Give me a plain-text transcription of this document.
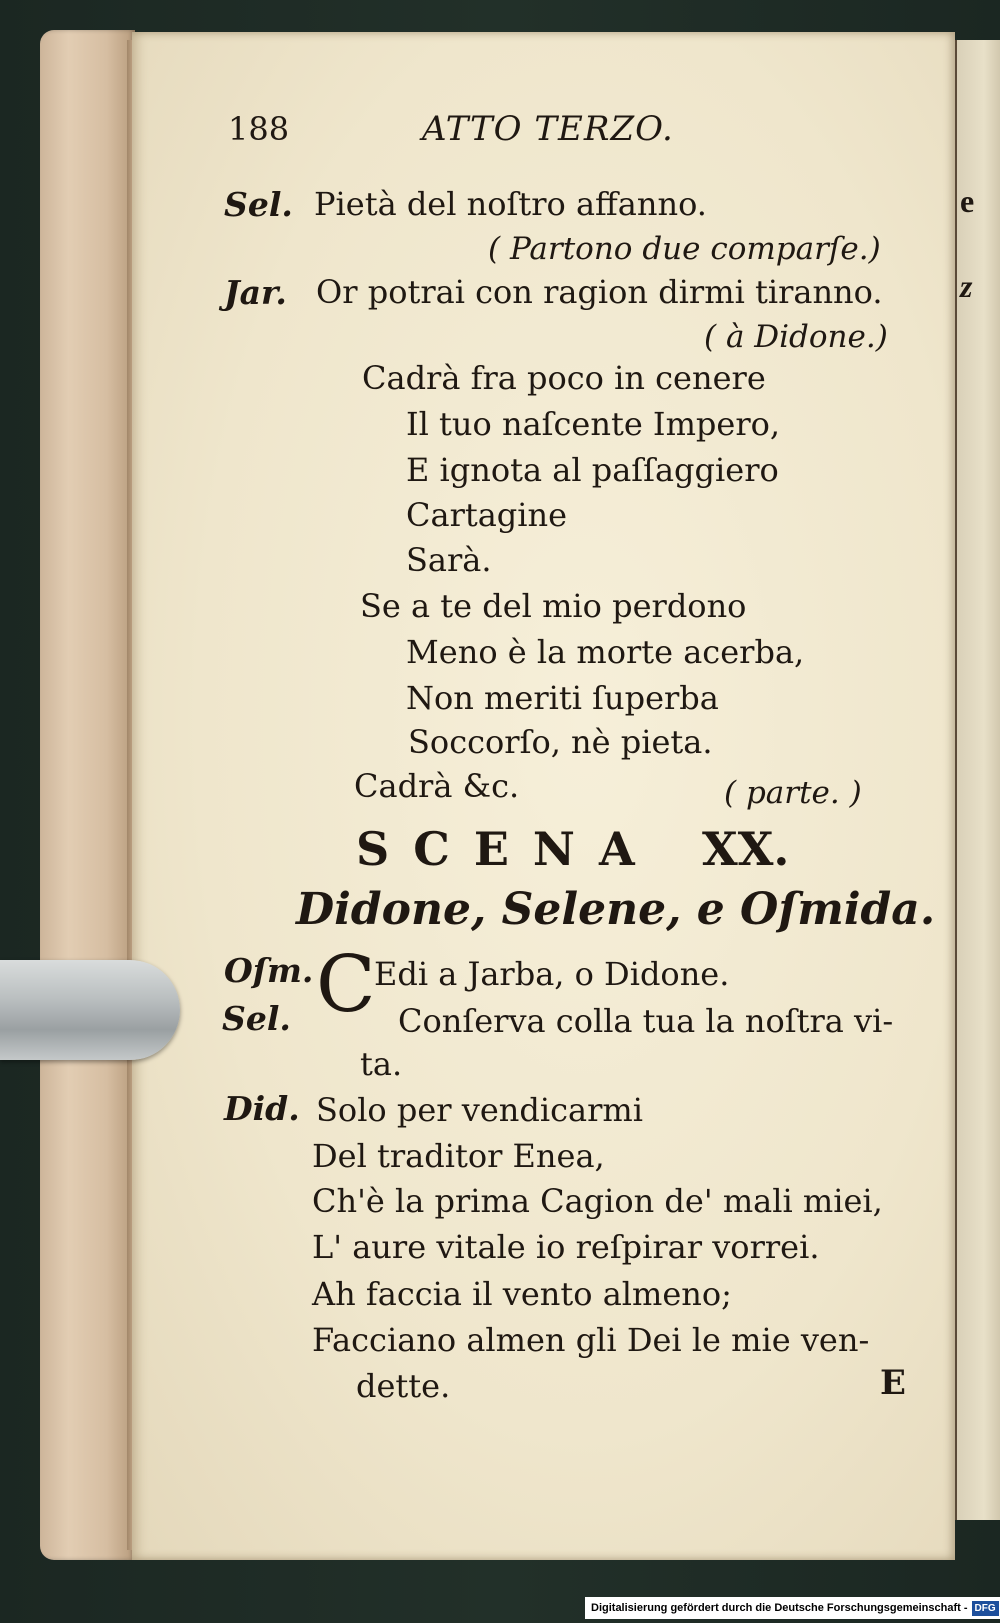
e
z
188	ATTO TERZO.
Sel. Pietà del noſtro affanno.
( Partono due comparſe.)
Jar. Or potrai con ragion dirmi tiranno.
( à Didone.)
Cadrà fra poco in cenere
Il tuo naſcente Impero,
E ignota al paſſaggiero
Cartagine
Sarà.
Se a te del mio perdono
Meno è la morte acerba,
Non meriti ſuperba
Soccorſo, nè pieta.
Cadrà &c.	( parte. )
SCENA XX.
Didone, Selene, e Oſmida.
Oſm. C
Edi a Jarba, o Didone.
Sel.	Conſerva colla tua la noſtra vi-
ta.
Did. Solo per vendicarmi
Del traditor Enea,
Ch'è la prima Cagion de' mali miei,
L' aure vitale io reſpirar vorrei.
Ah faccia il vento almeno;
Facciano almen gli Dei le mie ven-
dette.	E
Digitalisierung gefördert durch die Deutsche Forschungsgemeinschaft - DFG
